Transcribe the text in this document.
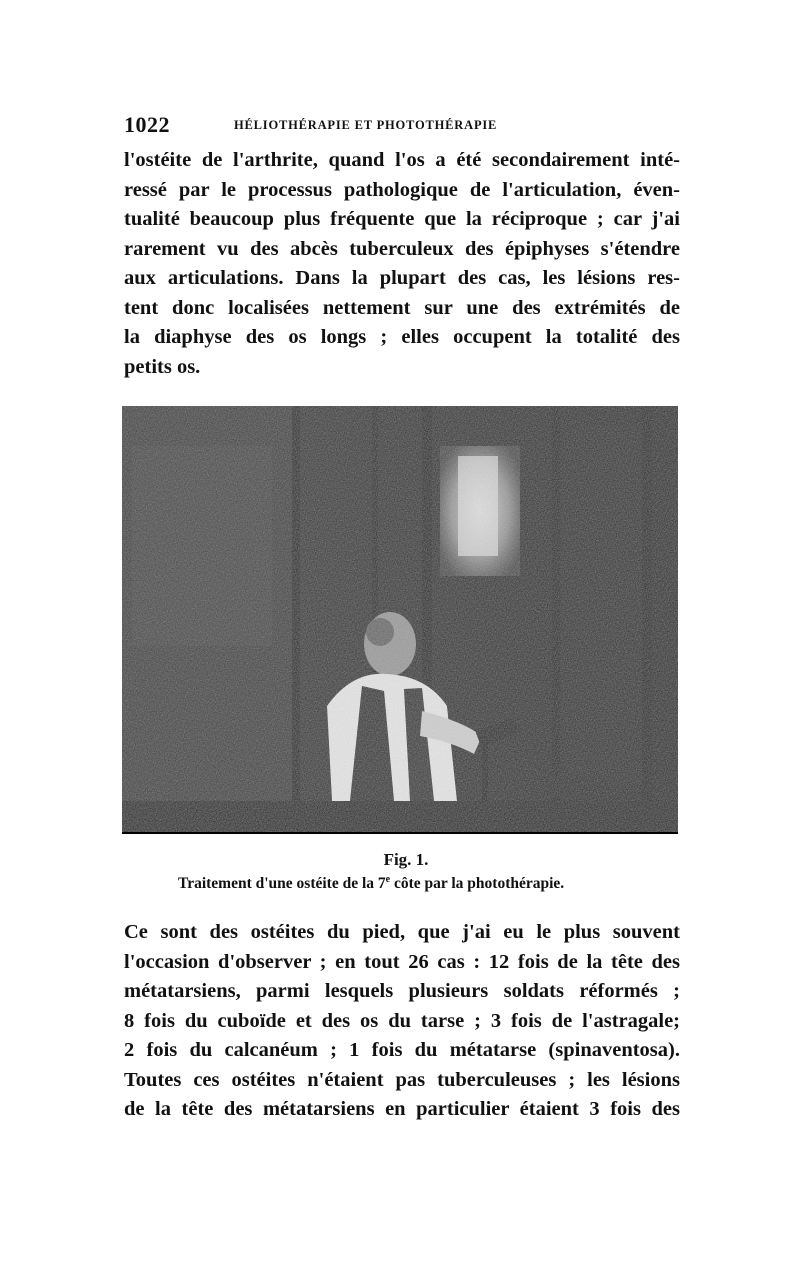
1022	HÉLIOTHÉRAPIE ET PHOTOTHÉRAPIE
l'ostéite de l'arthrite, quand l'os a été secondairement inté-
ressé par le processus pathologique de l'articulation, éven-
tualité beaucoup plus fréquente que la réciproque ; car j'ai
rarement vu des abcès tuberculeux des épiphyses s'étendre
aux articulations. Dans la plupart des cas, les lésions res-
tent donc localisées nettement sur une des extrémités de
la diaphyse des os longs ; elles occupent la totalité des
petits os.
Fig. 1.
Traitement d'une ostéite de la 7e côte par la photothérapie.
Ce sont des ostéites du pied, que j'ai eu le plus souvent
l'occasion d'observer ; en tout 26 cas : 12 fois de la tête des
métatarsiens, parmi lesquels plusieurs soldats réformés ;
8 fois du cuboïde et des os du tarse ; 3 fois de l'astragale;
2 fois du calcanéum ; 1 fois du métatarse (spinaventosa).
Toutes ces ostéites n'étaient pas tuberculeuses ; les lésions
de la tête des métatarsiens en particulier étaient 3 fois des
